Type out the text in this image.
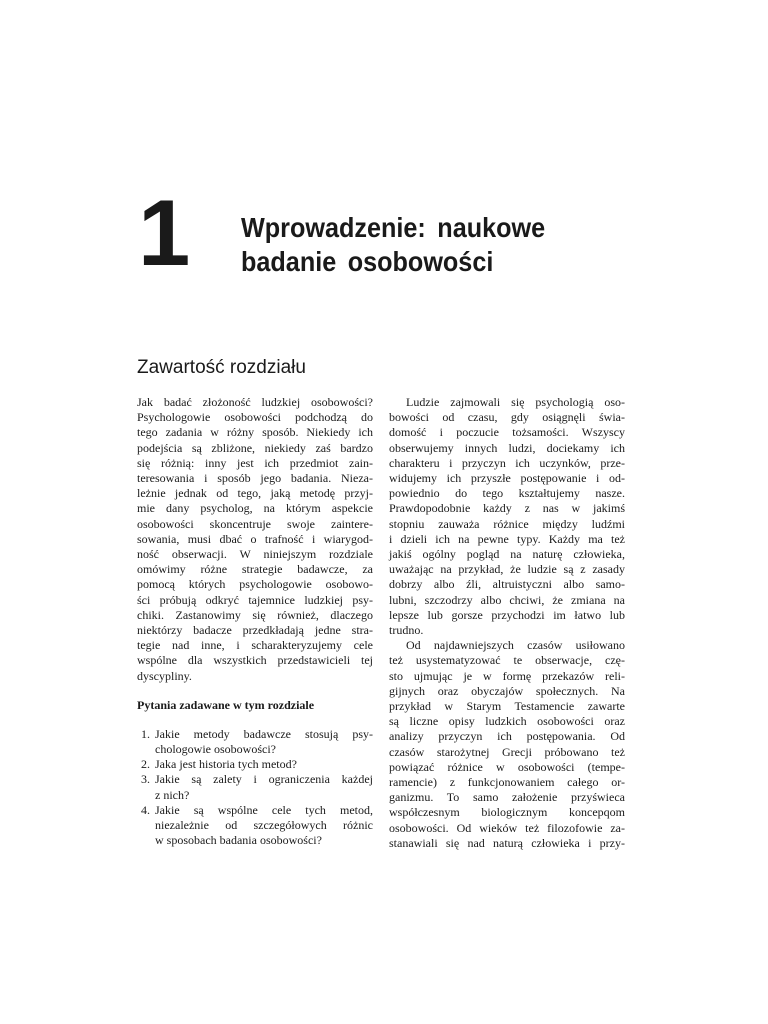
1 Wprowadzenie: naukowe
badanie osobowości
Zawartość rozdziału

Jak badać złożoność ludzkiej osobowości?
Psychologowie osobowości podchodzą do
tego zadania w różny sposób. Niekiedy ich
podejścia są zbliżone, niekiedy zaś bardzo
się różnią: inny jest ich przedmiot zain-
teresowania i sposób jego badania. Nieza-
leżnie jednak od tego, jaką metodę przyj-
mie dany psycholog, na którym aspekcie
osobowości skoncentruje swoje zaintere-
sowania, musi dbać o trafność i wiarygod-
ność obserwacji. W niniejszym rozdziale
omówimy różne strategie badawcze, za
pomocą których psychologowie osobowo-
ści próbują odkryć tajemnice ludzkiej psy-
chiki. Zastanowimy się również, dlaczego
niektórzy badacze przedkładają jedne stra-
tegie nad inne, i scharakteryzujemy cele
wspólne dla wszystkich przedstawicieli tej
dyscypliny.

Pytania zadawane w tym rozdziale
1. Jakie metody badawcze stosują psy-
chologowie osobowości?
2. Jaka jest historia tych metod?
3. Jakie są zalety i ograniczenia każdej
z nich?
4. Jakie są wspólne cele tych metod,
niezależnie od szczegółowych różnic
w sposobach badania osobowości?

Ludzie zajmowali się psychologią oso-
bowości od czasu, gdy osiągnęli świa-
domość i poczucie tożsamości. Wszyscy
obserwujemy innych ludzi, dociekamy ich
charakteru i przyczyn ich uczynków, prze-
widujemy ich przyszłe postępowanie i od-
powiednio do tego kształtujemy nasze.
Prawdopodobnie każdy z nas w jakimś
stopniu zauważa różnice między ludźmi
i dzieli ich na pewne typy. Każdy ma też
jakiś ogólny pogląd na naturę człowieka,
uważając na przykład, że ludzie są z zasady
dobrzy albo źli, altruistyczni albo samo-
lubni, szczodrzy albo chciwi, że zmiana na
lepsze lub gorsze przychodzi im łatwo lub
trudno.

Od najdawniejszych czasów usiłowano
też usystematyzować te obserwacje, czę-
sto ujmując je w formę przekazów reli-
gijnych oraz obyczajów społecznych. Na
przykład w Starym Testamencie zawarte
są liczne opisy ludzkich osobowości oraz
analizy przyczyn ich postępowania. Od
czasów starożytnej Grecji próbowano też
powiązać różnice w osobowości (tempe-
ramencie) z funkcjonowaniem całego or-
ganizmu. To samo założenie przyświeca
współczesnym biologicznym koncepqom
osobowości. Od wieków też filozofowie za-
stanawiali się nad naturą człowieka i przy-
